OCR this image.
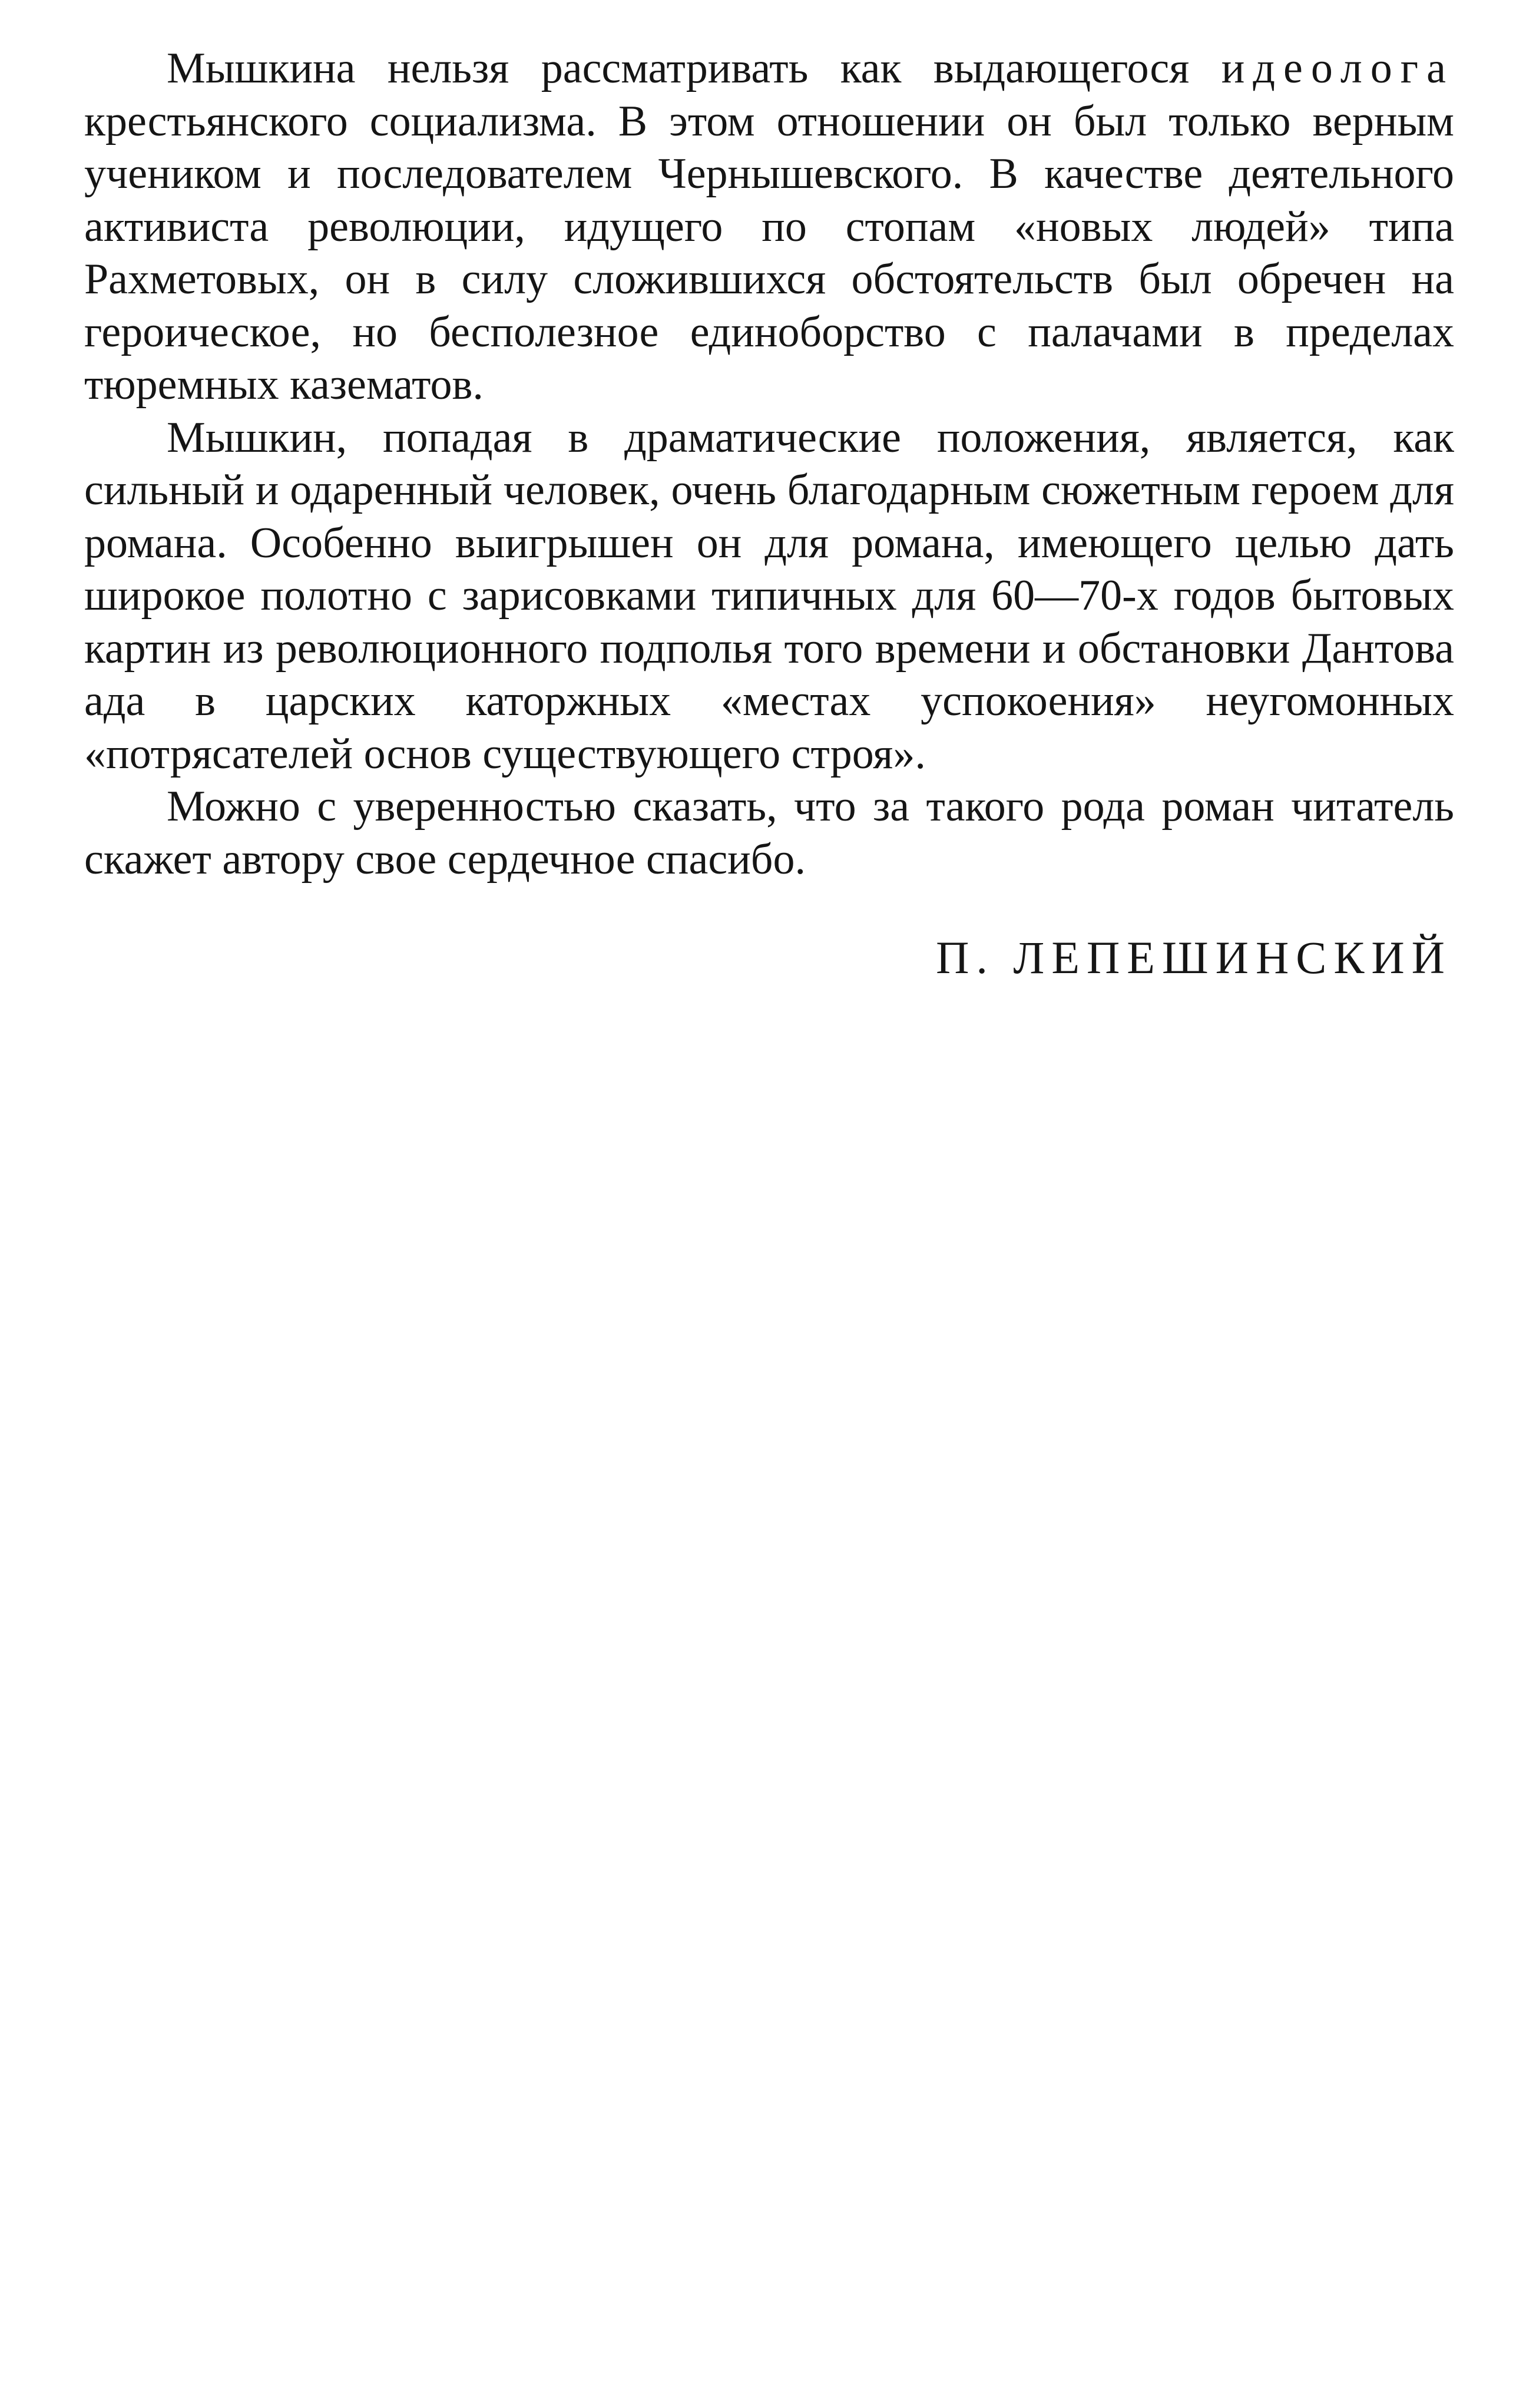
Мышкина нельзя рассматривать как выдающегося идеолога крестьянского социализма. В этом отношении он был только верным учеником и последователем Чернышевского. В качестве деятельного активиста революции, идущего по стопам «новых людей» типа Рахметовых, он в силу сложившихся обстоятельств был обречен на героическое, но бесполезное единоборство с палачами в пределах тюремных казематов.

Мышкин, попадая в драматические положения, является, как сильный и одаренный человек, очень благодарным сюжетным героем для романа. Особенно выигрышен он для романа, имеющего целью дать широкое полотно с зарисовками типичных для 60—70-х годов бытовых картин из революционного подполья того времени и обстановки Дантова ада в царских каторжных «местах успокоения» неугомонных «потрясателей основ существующего строя».

Можно с уверенностью сказать, что за такого рода роман читатель скажет автору свое сердечное спасибо.

П. ЛЕПЕШИНСКИЙ
